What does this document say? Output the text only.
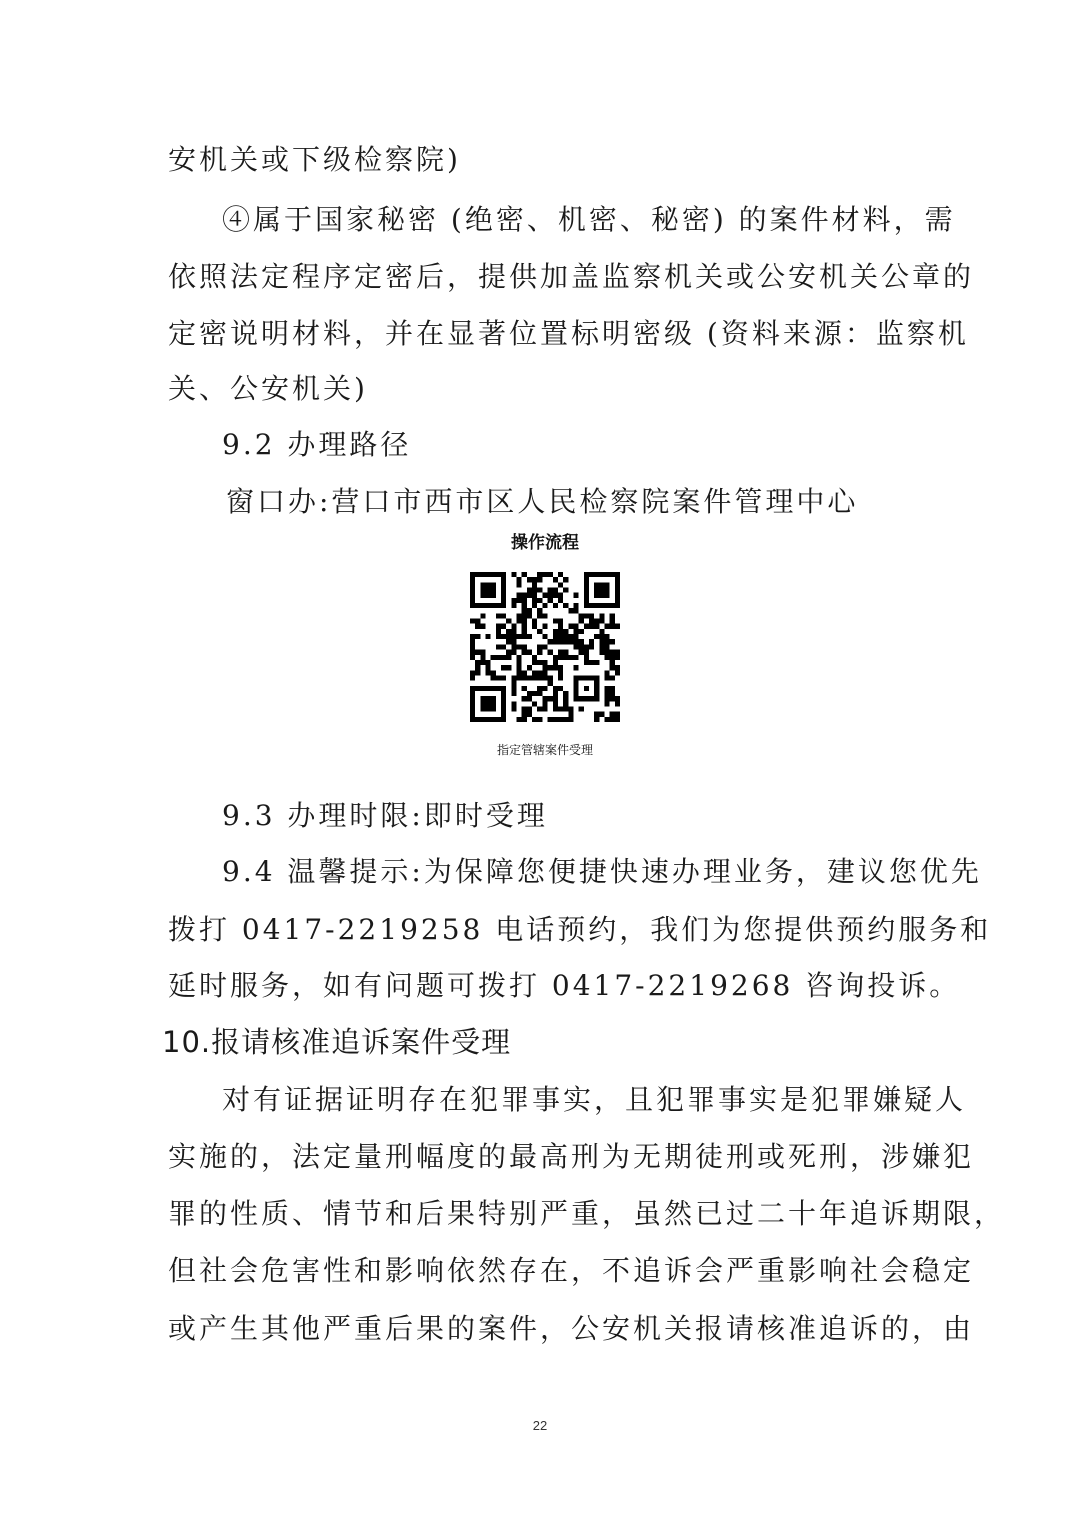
安机关或下级检察院)
④属于国家秘密 (绝密、机密、秘密) 的案件材料，需
依照法定程序定密后，提供加盖监察机关或公安机关公章的
定密说明材料，并在显著位置标明密级 (资料来源：监察机
关、公安机关)
9.2 办理路径
窗口办:营口市西市区人民检察院案件管理中心
操作流程
指定管辖案件受理
9.3 办理时限:即时受理
9.4 温馨提示:为保障您便捷快速办理业务，建议您优先
拨打 0417-2219258 电话预约，我们为您提供预约服务和
延时服务，如有问题可拨打 0417-2219268 咨询投诉。
10.报请核准追诉案件受理
对有证据证明存在犯罪事实，且犯罪事实是犯罪嫌疑人
实施的，法定量刑幅度的最高刑为无期徒刑或死刑，涉嫌犯
罪的性质、情节和后果特别严重，虽然已过二十年追诉期限，
但社会危害性和影响依然存在，不追诉会严重影响社会稳定
或产生其他严重后果的案件，公安机关报请核准追诉的，由
22
